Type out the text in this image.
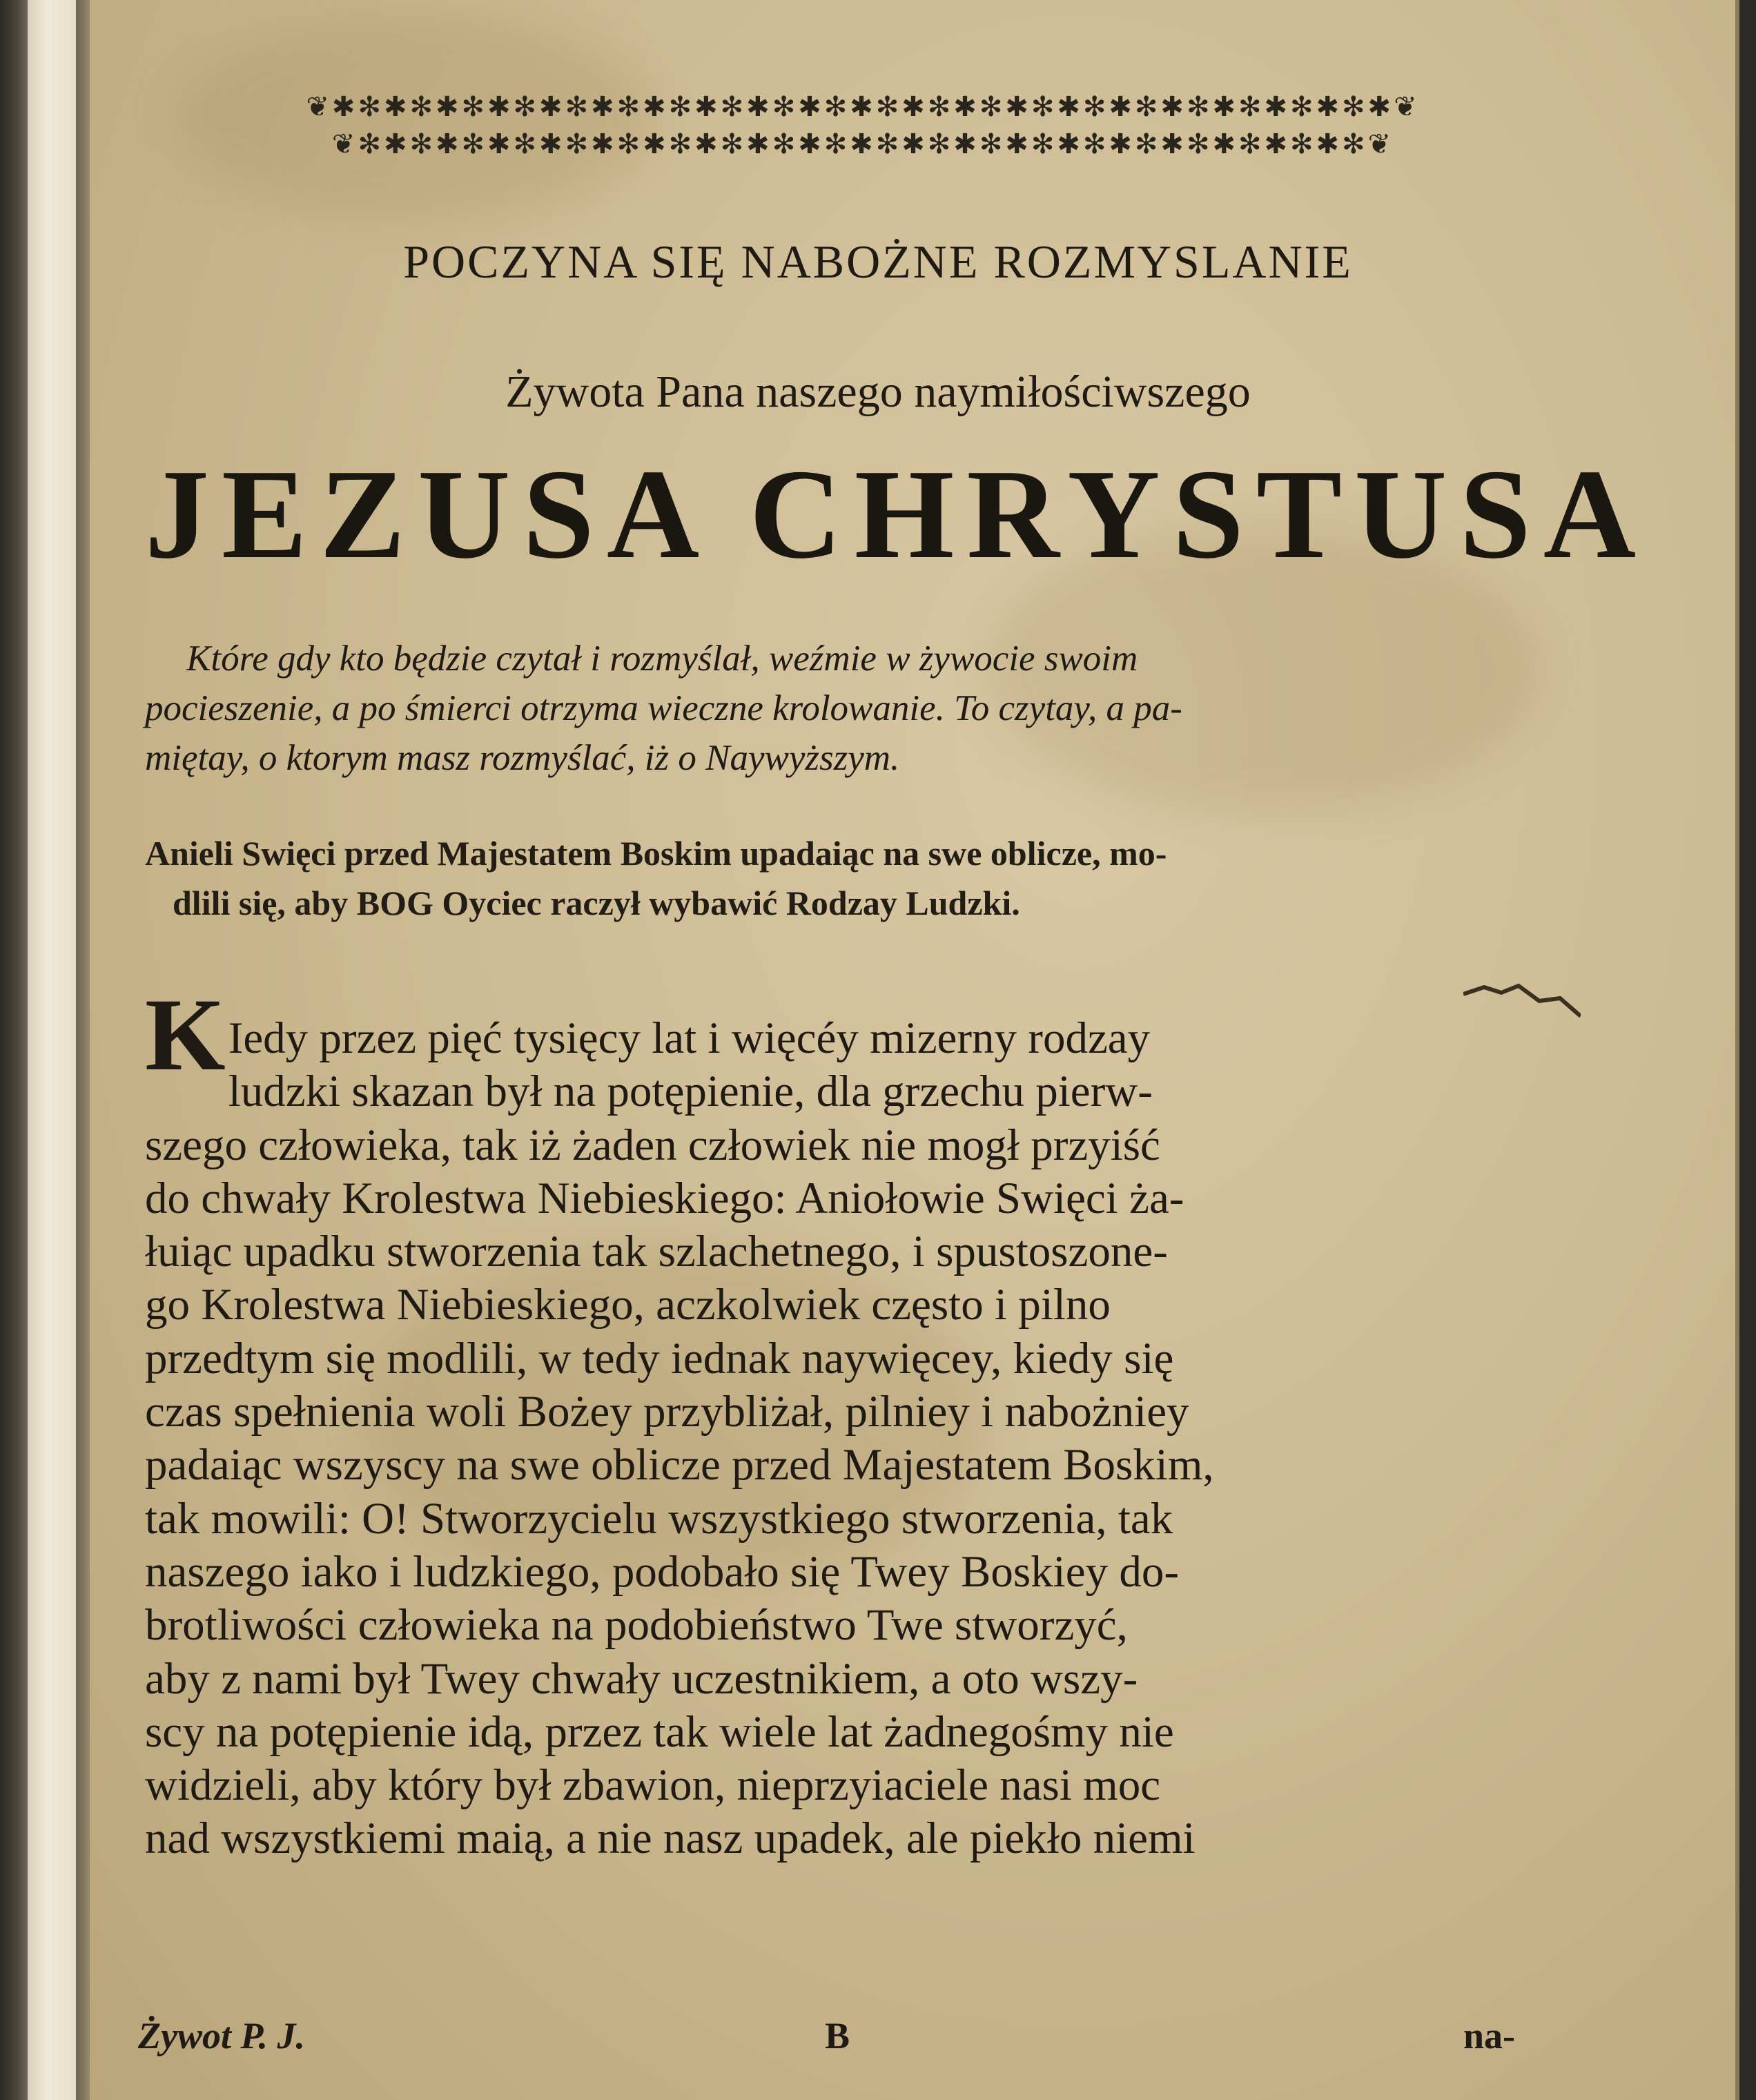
❦✱✻✱✻✱✻✱✻✱✻✱✻✱✻✱✻✱✻✱✻✱✻✱✻✱✻✱✻✱✻✱✻✱✻✱✻✱✻✱✻✱❦
❦✻✱✻✱✻✱✻✱✻✱✻✱✻✱✻✱✻✱✻✱✻✱✻✱✻✱✻✱✻✱✻✱✻✱✻✱✻✱✻❦
POCZYNA SIĘ NABOŻNE ROZMYSLANIE
Żywota Pana naszego naymiłościwszego
JEZUSA CHRYSTUSA
Które gdy kto będzie czytał i rozmyślał, weźmie w żywocie swoim
pocieszenie, a po śmierci otrzyma wieczne krolowanie. To czytay, a pa-
miętay, o ktorym masz rozmyślać, iż o Naywyższym.
Anieli Swięci przed Majestatem Boskim upadaiąc na swe oblicze, mo-
dlili się, aby BOG Oyciec raczył wybawić Rodzay Ludzki.
K Iedy przez pięć tysięcy lat i więcéy mizerny rodzay
ludzki skazan był na potępienie, dla grzechu pierw-
szego człowieka, tak iż żaden człowiek nie mogł przyiść
do chwały Krolestwa Niebieskiego: Aniołowie Swięci ża-
łuiąc upadku stworzenia tak szlachetnego, i spustoszone-
go Krolestwa Niebieskiego, aczkolwiek często i pilno
przedtym się modlili, w tedy iednak naywięcey, kiedy się
czas spełnienia woli Bożey przybliżał, pilniey i nabożniey
padaiąc wszyscy na swe oblicze przed Majestatem Boskim,
tak mowili: O! Stworzycielu wszystkiego stworzenia, tak
naszego iako i ludzkiego, podobało się Twey Boskiey do-
brotliwości człowieka na podobieństwo Twe stworzyć,
aby z nami był Twey chwały uczestnikiem, a oto wszy-
scy na potępienie idą, przez tak wiele lat żadnegośmy nie
widzieli, aby który był zbawion, nieprzyiaciele nasi moc
nad wszystkiemi maią, a nie nasz upadek, ale piekło niemi
Żywot P. J.	B	na-
